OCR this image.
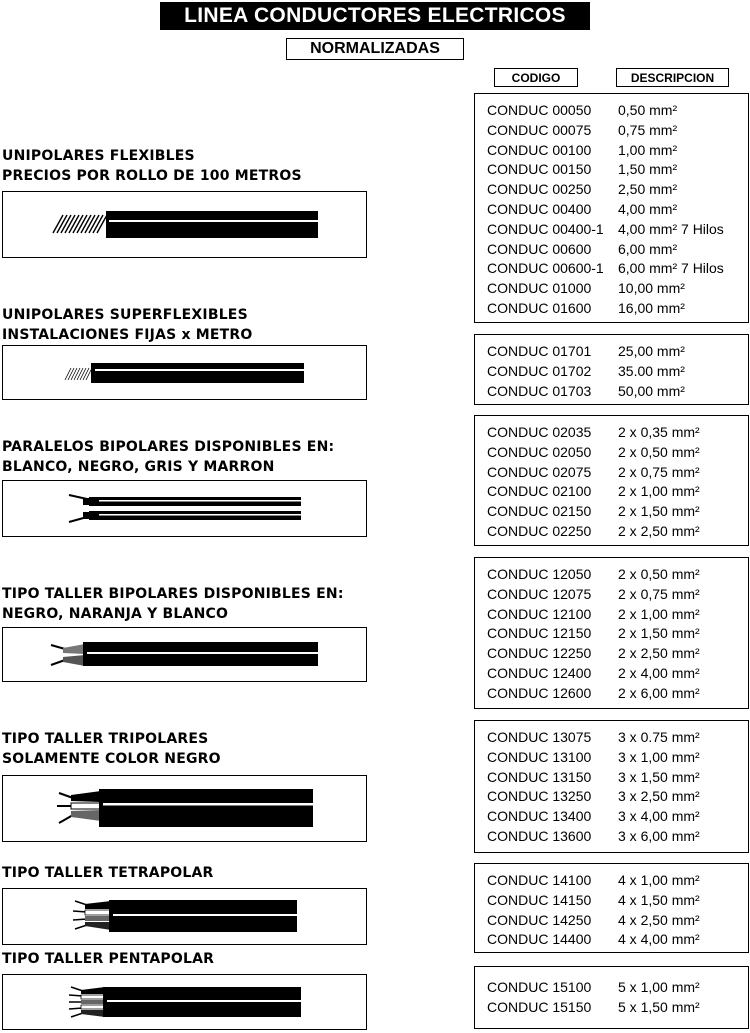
LINEA CONDUCTORES ELECTRICOS
NORMALIZADAS
CODIGO	DESCRIPCION
UNIPOLARES FLEXIBLES
PRECIOS POR ROLLO DE 100 METROS
UNIPOLARES SUPERFLEXIBLES
INSTALACIONES FIJAS x METRO
PARALELOS BIPOLARES DISPONIBLES EN:
BLANCO, NEGRO, GRIS Y MARRON
TIPO TALLER BIPOLARES DISPONIBLES EN:
NEGRO, NARANJA Y BLANCO
TIPO TALLER TRIPOLARES
SOLAMENTE COLOR NEGRO
TIPO TALLER TETRAPOLAR
TIPO TALLER PENTAPOLAR
CONDUC 00050 0,50 mm²
CONDUC 00075 0,75 mm²
CONDUC 00100 1,00 mm²
CONDUC 00150 1,50 mm²
CONDUC 00250 2,50 mm²
CONDUC 00400 4,00 mm²
CONDUC 00400-1 4,00 mm² 7 Hilos
CONDUC 00600 6,00 mm²
CONDUC 00600-1 6,00 mm² 7 Hilos
CONDUC 01000 10,00 mm²
CONDUC 01600 16,00 mm²
CONDUC 01701 25,00 mm²
CONDUC 01702 35.00 mm²
CONDUC 01703 50,00 mm²
CONDUC 02035 2 x 0,35 mm²
CONDUC 02050 2 x 0,50 mm²
CONDUC 02075 2 x 0,75 mm²
CONDUC 02100 2 x 1,00 mm²
CONDUC 02150 2 x 1,50 mm²
CONDUC 02250 2 x 2,50 mm²
CONDUC 12050 2 x 0,50 mm²
CONDUC 12075 2 x 0,75 mm²
CONDUC 12100 2 x 1,00 mm²
CONDUC 12150 2 x 1,50 mm²
CONDUC 12250 2 x 2,50 mm²
CONDUC 12400 2 x 4,00 mm²
CONDUC 12600 2 x 6,00 mm²
CONDUC 13075 3 x 0.75 mm²
CONDUC 13100 3 x 1,00 mm²
CONDUC 13150 3 x 1,50 mm²
CONDUC 13250 3 x 2,50 mm²
CONDUC 13400 3 x 4,00 mm²
CONDUC 13600 3 x 6,00 mm²
CONDUC 14100 4 x 1,00 mm²
CONDUC 14150 4 x 1,50 mm²
CONDUC 14250 4 x 2,50 mm²
CONDUC 14400 4 x 4,00 mm²
CONDUC 15100 5 x 1,00 mm²
CONDUC 15150 5 x 1,50 mm²
